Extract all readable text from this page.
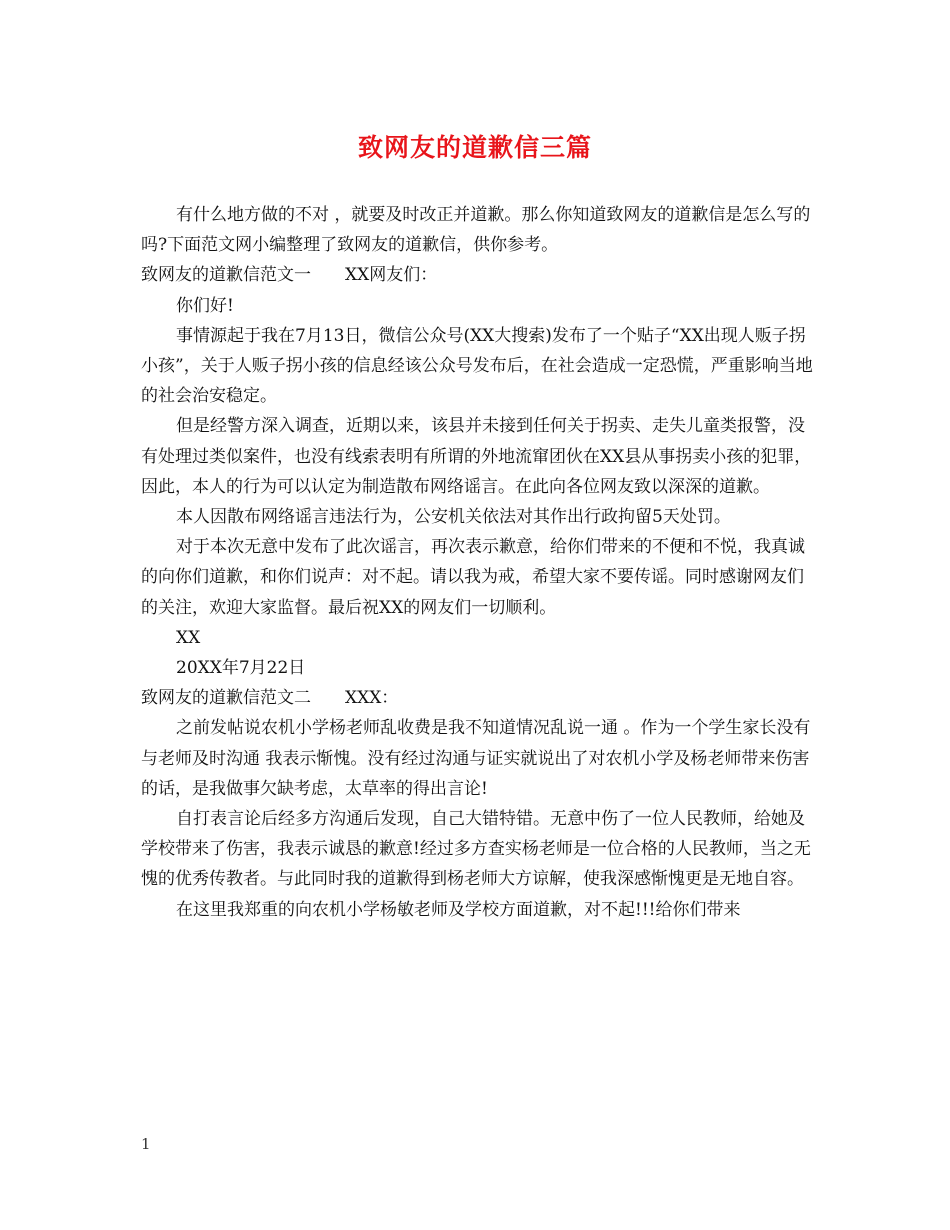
致网友的道歉信三篇

有什么地方做的不对 ，就要及时改正并道歉。那么你知道致网友的道歉信是怎么写的吗?下面范文网小编整理了致网友的道歉信，供你参考。

致网友的道歉信范文一　　XX网友们：

你们好!

事情源起于我在7月13日，微信公众号(XX大搜索)发布了一个贴子“XX出现人贩子拐小孩”，关于人贩子拐小孩的信息经该公众号发布后，在社会造成一定恐慌，严重影响当地的社会治安稳定。

但是经警方深入调查，近期以来，该县并未接到任何关于拐卖、走失儿童类报警，没有处理过类似案件，也没有线索表明有所谓的外地流窜团伙在XX县从事拐卖小孩的犯罪，因此，本人的行为可以认定为制造散布网络谣言。在此向各位网友致以深深的道歉。

本人因散布网络谣言违法行为，公安机关依法对其作出行政拘留5天处罚。

对于本次无意中发布了此次谣言，再次表示歉意，给你们带来的不便和不悦，我真诚的向你们道歉，和你们说声：对不起。请以我为戒，希望大家不要传谣。同时感谢网友们的关注，欢迎大家监督。最后祝XX的网友们一切顺利。

XX

20XX年7月22日

致网友的道歉信范文二　　XXX：

之前发帖说农机小学杨老师乱收费是我不知道情况乱说一通 。作为一个学生家长没有与老师及时沟通 我表示惭愧。没有经过沟通与证实就说出了对农机小学及杨老师带来伤害的话，是我做事欠缺考虑，太草率的得出言论!

自打表言论后经多方沟通后发现，自己大错特错。无意中伤了一位人民教师，给她及学校带来了伤害，我表示诚恳的歉意!经过多方查实杨老师是一位合格的人民教师，当之无愧的优秀传教者。与此同时我的道歉得到杨老师大方谅解，使我深感惭愧更是无地自容。

在这里我郑重的向农机小学杨敏老师及学校方面道歉，对不起!!!给你们带来

1
